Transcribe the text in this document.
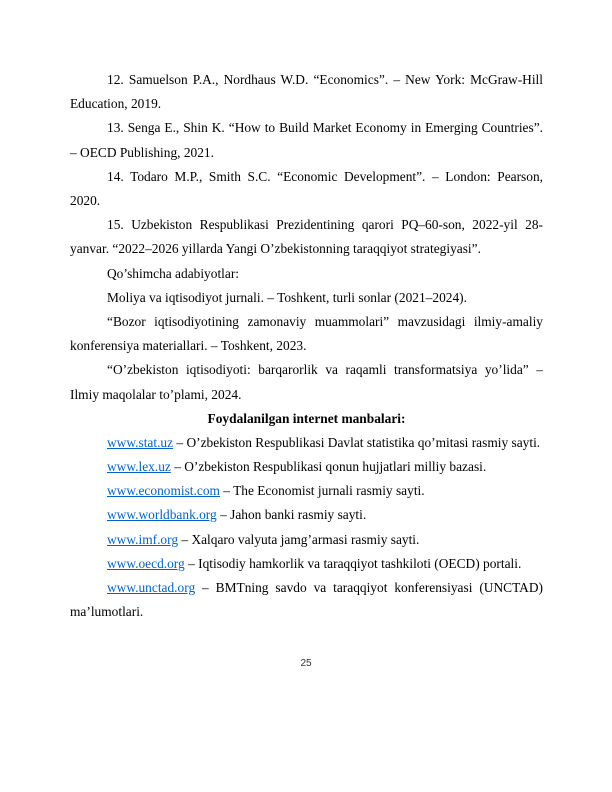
12. Samuelson P.A., Nordhaus W.D. “Economics”. – New York: McGraw-Hill Education, 2019.

13. Senga E., Shin K. “How to Build Market Economy in Emerging Countries”. – OECD Publishing, 2021.

14. Todaro M.P., Smith S.C. “Economic Development”. – London: Pearson, 2020.

15. Uzbekiston Respublikasi Prezidentining qarori PQ–60-son, 2022-yil 28-yanvar. “2022–2026 yillarda Yangi O’zbekistonning taraqqiyot strategiyasi”.

Qo’shimcha adabiyotlar:

Moliya va iqtisodiyot jurnali. – Toshkent, turli sonlar (2021–2024).

“Bozor iqtisodiyotining zamonaviy muammolari” mavzusidagi ilmiy-amaliy konferensiya materiallari. – Toshkent, 2023.

“O’zbekiston iqtisodiyoti: barqarorlik va raqamli transformatsiya yo’lida” – Ilmiy maqolalar to’plami, 2024.

Foydalanilgan internet manbalari:

www.stat.uz – O’zbekiston Respublikasi Davlat statistika qo’mitasi rasmiy sayti.

www.lex.uz – O’zbekiston Respublikasi qonun hujjatlari milliy bazasi.

www.economist.com – The Economist jurnali rasmiy sayti.

www.worldbank.org – Jahon banki rasmiy sayti.

www.imf.org – Xalqaro valyuta jamg’armasi rasmiy sayti.

www.oecd.org – Iqtisodiy hamkorlik va taraqqiyot tashkiloti (OECD) portali.

www.unctad.org – BMTning savdo va taraqqiyot konferensiyasi (UNCTAD) ma’lumotlari.

25
